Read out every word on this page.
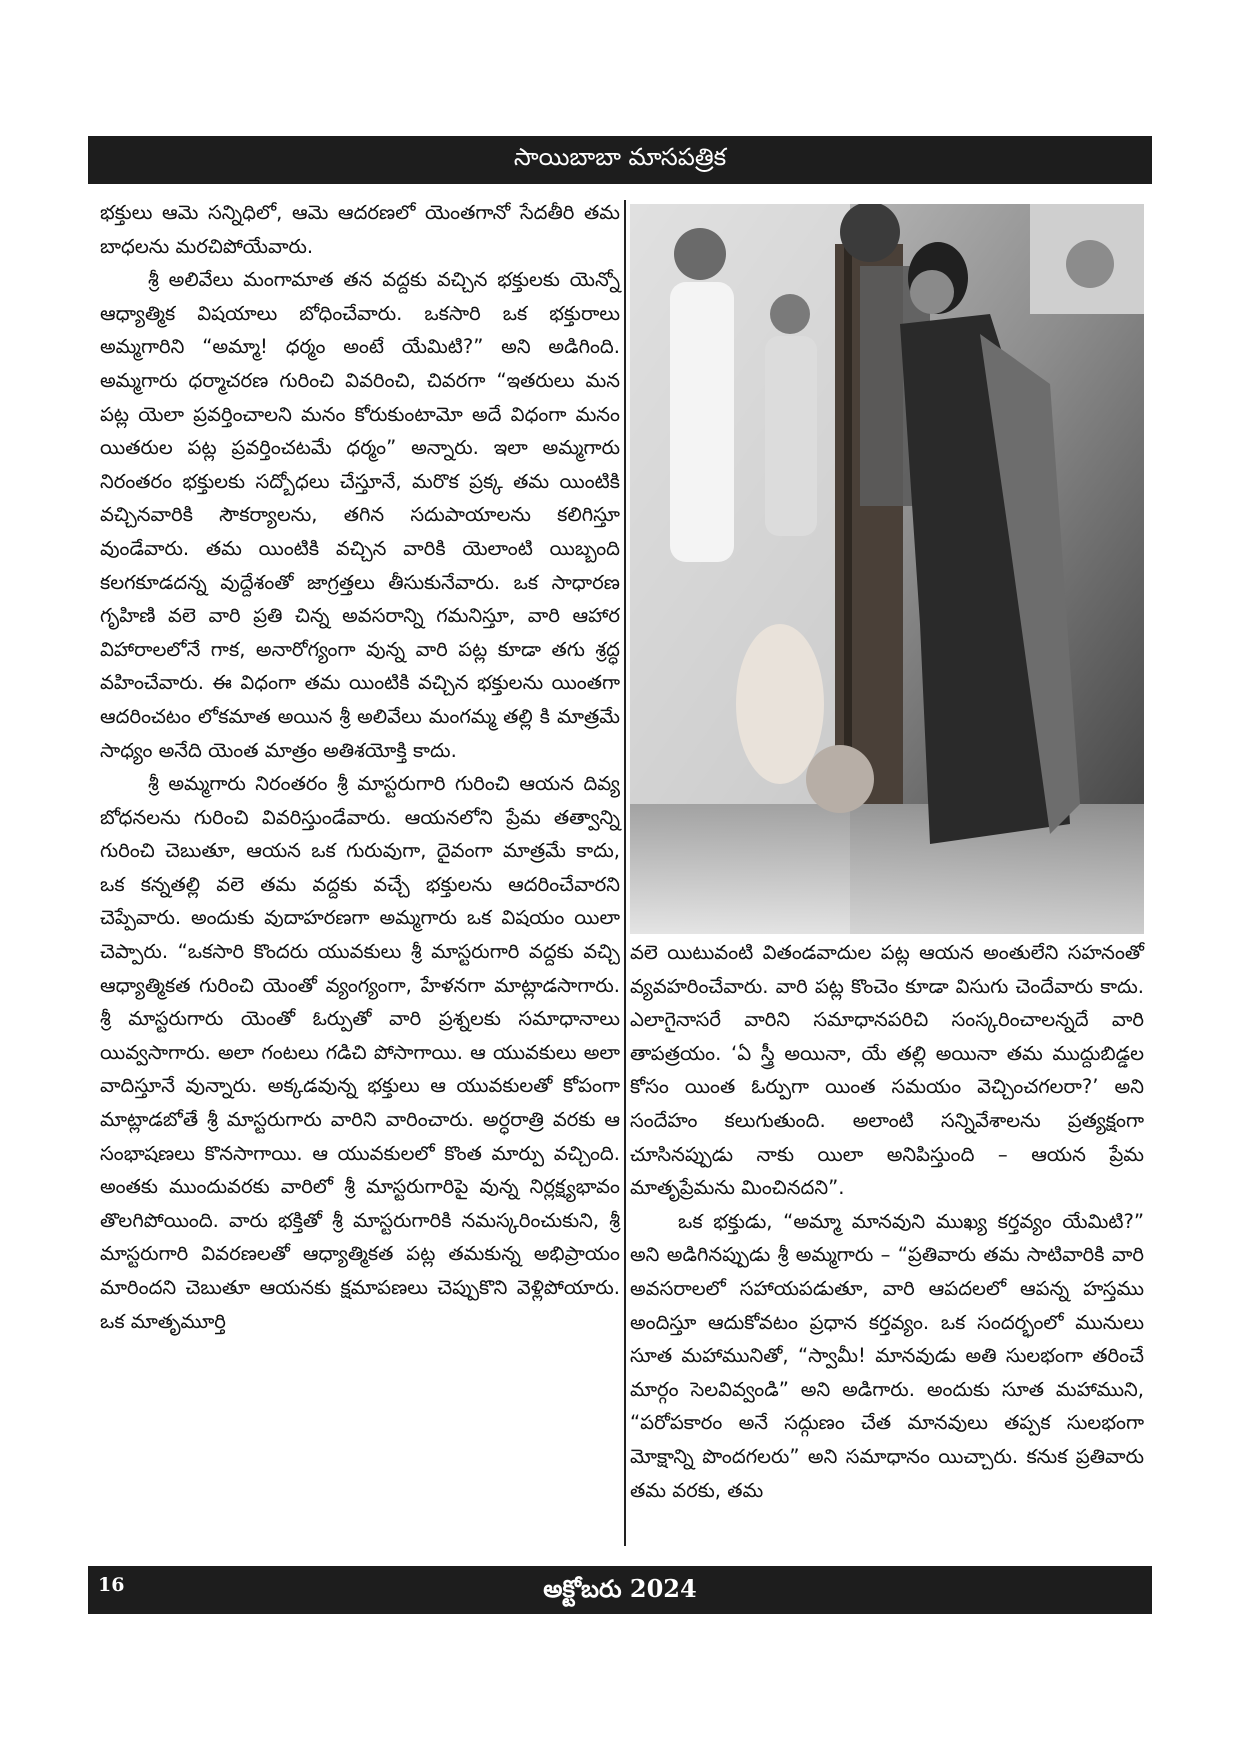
సాయిబాబా మాసపత్రిక

భక్తులు ఆమె సన్నిధిలో, ఆమె ఆదరణలో యెంతగానో సేదతీరి తమ బాధలను మరచిపోయేవారు.

శ్రీ అలివేలు మంగామాత తన వద్దకు వచ్చిన భక్తులకు యెన్నో ఆధ్యాత్మిక విషయాలు బోధించేవారు. ఒకసారి ఒక భక్తురాలు అమ్మగారిని “అమ్మా! ధర్మం అంటే యేమిటి?” అని అడిగింది. అమ్మగారు ధర్మాచరణ గురించి వివరించి, చివరగా “ఇతరులు మన పట్ల యెలా ప్రవర్తించాలని మనం కోరుకుంటామో అదే విధంగా మనం యితరుల పట్ల ప్రవర్తించటమే ధర్మం” అన్నారు. ఇలా అమ్మగారు నిరంతరం భక్తులకు సద్బోధలు చేస్తూనే, మరొక ప్రక్క తమ యింటికి వచ్చినవారికి సౌకర్యాలను, తగిన సదుపాయాలను కలిగిస్తూ వుండేవారు. తమ యింటికి వచ్చిన వారికి యెలాంటి యిబ్బంది కలగకూడదన్న వుద్దేశంతో జాగ్రత్తలు తీసుకునేవారు. ఒక సాధారణ గృహిణి వలె వారి ప్రతి చిన్న అవసరాన్ని గమనిస్తూ, వారి ఆహార విహారాలలోనే గాక, అనారోగ్యంగా వున్న వారి పట్ల కూడా తగు శ్రద్ధ వహించేవారు. ఈ విధంగా తమ యింటికి వచ్చిన భక్తులను యింతగా ఆదరించటం లోకమాత అయిన శ్రీ అలివేలు మంగమ్మ తల్లి కి మాత్రమే సాధ్యం అనేది యెంత మాత్రం అతిశయోక్తి కాదు.

శ్రీ అమ్మగారు నిరంతరం శ్రీ మాస్టరుగారి గురించి ఆయన దివ్య బోధనలను గురించి వివరిస్తుండేవారు. ఆయనలోని ప్రేమ తత్వాన్ని గురించి చెబుతూ, ఆయన ఒక గురువుగా, దైవంగా మాత్రమే కాదు, ఒక కన్నతల్లి వలె తమ వద్దకు వచ్చే భక్తులను ఆదరించేవారని చెప్పేవారు. అందుకు వుదాహరణగా అమ్మగారు ఒక విషయం యిలా చెప్పారు. “ఒకసారి కొందరు యువకులు శ్రీ మాస్టరుగారి వద్దకు వచ్చి ఆధ్యాత్మికత గురించి యెంతో వ్యంగ్యంగా, హేళనగా మాట్లాడసాగారు. శ్రీ మాస్టరుగారు యెంతో ఓర్పుతో వారి ప్రశ్నలకు సమాధానాలు యివ్వసాగారు. అలా గంటలు గడిచి పోసాగాయి. ఆ యువకులు అలా వాదిస్తూనే వున్నారు. అక్కడవున్న భక్తులు ఆ యువకులతో కోపంగా మాట్లాడబోతే శ్రీ మాస్టరుగారు వారిని వారించారు. అర్ధరాత్రి వరకు ఆ సంభాషణలు కొనసాగాయి. ఆ యువకులలో కొంత మార్పు వచ్చింది. అంతకు ముందువరకు వారిలో శ్రీ మాస్టరుగారిపై వున్న నిర్లక్ష్యభావం తొలగిపోయింది. వారు భక్తితో శ్రీ మాస్టరుగారికి నమస్కరించుకుని, శ్రీ మాస్టరుగారి వివరణలతో ఆధ్యాత్మికత పట్ల తమకున్న అభిప్రాయం మారిందని చెబుతూ ఆయనకు క్షమాపణలు చెప్పుకొని వెళ్లిపోయారు. ఒక మాతృమూర్తి

వలె యిటువంటి వితండవాదుల పట్ల ఆయన అంతులేని సహనంతో వ్యవహరించేవారు. వారి పట్ల కొంచెం కూడా విసుగు చెందేవారు కాదు. ఎలాగైనాసరే వారిని సమాధానపరిచి సంస్కరించాలన్నదే వారి తాపత్రయం. ‘ఏ స్త్రీ అయినా, యే తల్లి అయినా తమ ముద్దుబిడ్డల కోసం యింత ఓర్పుగా యింత సమయం వెచ్చించగలరా?’ అని సందేహం కలుగుతుంది. అలాంటి సన్నివేశాలను ప్రత్యక్షంగా చూసినప్పుడు నాకు యిలా అనిపిస్తుంది – ఆయన ప్రేమ మాతృప్రేమను మించినదని”.

ఒక భక్తుడు, “అమ్మా మానవుని ముఖ్య కర్తవ్యం యేమిటి?” అని అడిగినప్పుడు శ్రీ అమ్మగారు – “ప్రతివారు తమ సాటివారికి వారి అవసరాలలో సహాయపడుతూ, వారి ఆపదలలో ఆపన్న హస్తము అందిస్తూ ఆదుకోవటం ప్రధాన కర్తవ్యం. ఒక సందర్భంలో మునులు సూత మహామునితో, “స్వామీ! మానవుడు అతి సులభంగా తరించే మార్గం సెలవివ్వండి” అని అడిగారు. అందుకు సూత మహాముని, “పరోపకారం అనే సద్గుణం చేత మానవులు తప్పక సులభంగా మోక్షాన్ని పొందగలరు” అని సమాధానం యిచ్చారు. కనుక ప్రతివారు తమ వరకు, తమ

16	అక్టోబరు 2024
